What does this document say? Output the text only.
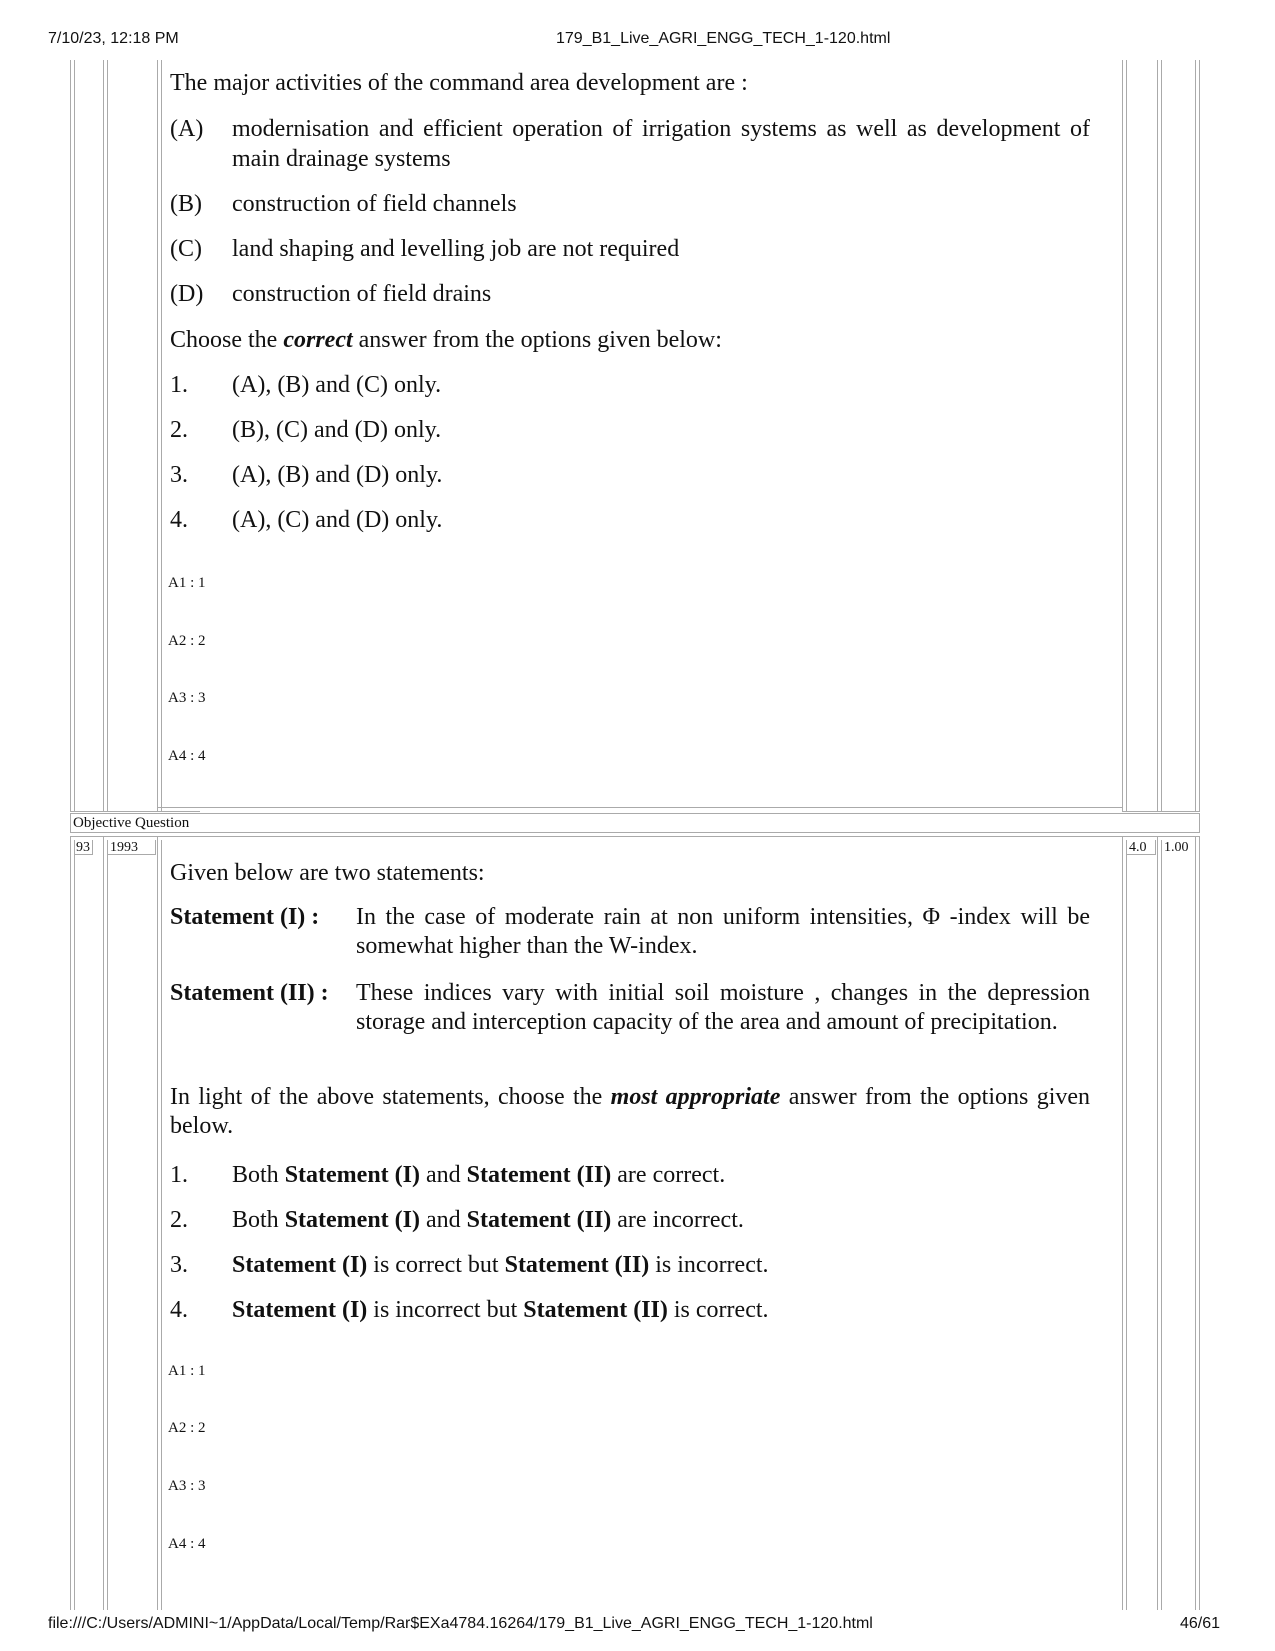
7/10/23, 12:18 PM	179_B1_Live_AGRI_ENGG_TECH_1-120.html
The major activities of the command area development are :
(A)	modernisation and efficient operation of irrigation systems as well as development of main drainage systems
(B)	construction of field channels
(C)	land shaping and levelling job are not required
(D)	construction of field drains
Choose the correct answer from the options given below:
1.	(A), (B) and (C) only.
2.	(B), (C) and (D) only.
3.	(A), (B) and (D) only.
4.	(A), (C) and (D) only.
A1 : 1
A2 : 2
A3 : 3
A4 : 4
Objective Question
93 1993	4.0 1.00
Given below are two statements:
Statement (I) : In the case of moderate rain at non uniform intensities, Φ -index will be somewhat higher than the W-index.
Statement (II) : These indices vary with initial soil moisture , changes in the depression storage and interception capacity of the area and amount of precipitation.
In light of the above statements, choose the most appropriate answer from the options given below.
1.	Both Statement (I) and Statement (II) are correct.
2.	Both Statement (I) and Statement (II) are incorrect.
3.	Statement (I) is correct but Statement (II) is incorrect.
4.	Statement (I) is incorrect but Statement (II) is correct.
A1 : 1
A2 : 2
A3 : 3
A4 : 4
file:///C:/Users/ADMINI~1/AppData/Local/Temp/Rar$EXa4784.16264/179_B1_Live_AGRI_ENGG_TECH_1-120.html	46/61
